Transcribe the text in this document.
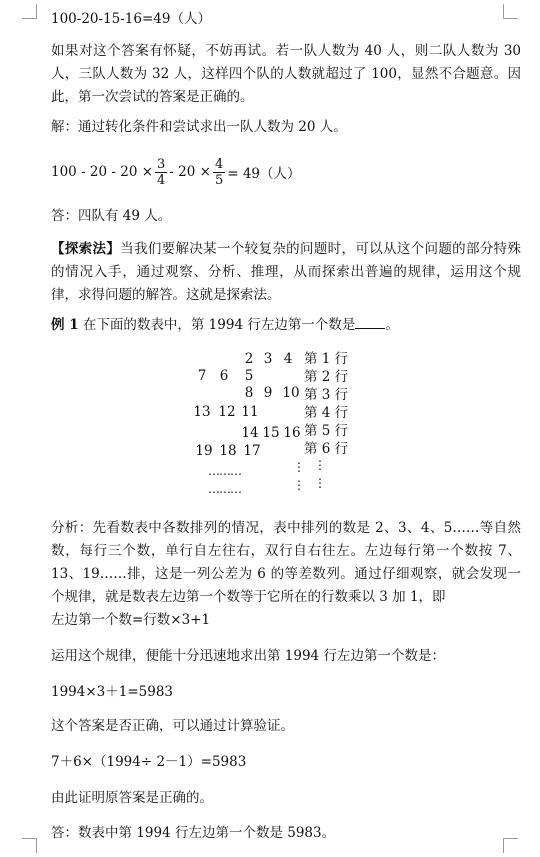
100-20-15-16=49（人）
如果对这个答案有怀疑，不妨再试。若一队人数为 40 人，则二队人数为 30 人，三队人数为 32 人，这样四个队的人数就超过了 100，显然不合题意。因此，第一次尝试的答案是正确的。
解：通过转化条件和尝试求出一队人数为 20 人。
$100 - 20 - 20 \times \frac{3}{4} - 20 \times \frac{4}{5} = 49$（人）
答：四队有 49 人。
【探索法】当我们要解决某一个较复杂的问题时，可以从这个问题的部分特殊的情况入手，通过观察、分析、推理，从而探索出普遍的规律，运用这个规律，求得问题的解答。这就是探索法。
例 1 在下面的数表中，第 1994 行左边第一个数是 。
2 3 4 第 1 行
7 6	5	第 2 行
8 9 10 第 3 行
13 12 11	第 4 行
14 15 16 第 5 行
19 18 17	第 6 行
………
………
⋮ ⋮
⋮ ⋮
分析：先看数表中各数排列的情况，表中排列的数是 2、3、4、5……等自然数，每行三个数，单行自左往右，双行自右往左。左边每行第一个数按 7、13、19……排，这是一列公差为 6 的等差数列。通过仔细观察，就会发现一个规律，就是数表左边第一个数等于它所在的行数乘以 3 加 1，即
左边第一个数=行数×3+1
运用这个规律，便能十分迅速地求出第 1994 行左边第一个数是：
1994×3＋1=5983
这个答案是否正确，可以通过计算验证。
7＋6×（1994÷ 2－1）=5983
由此证明原答案是正确的。
答：数表中第 1994 行左边第一个数是 5983。
